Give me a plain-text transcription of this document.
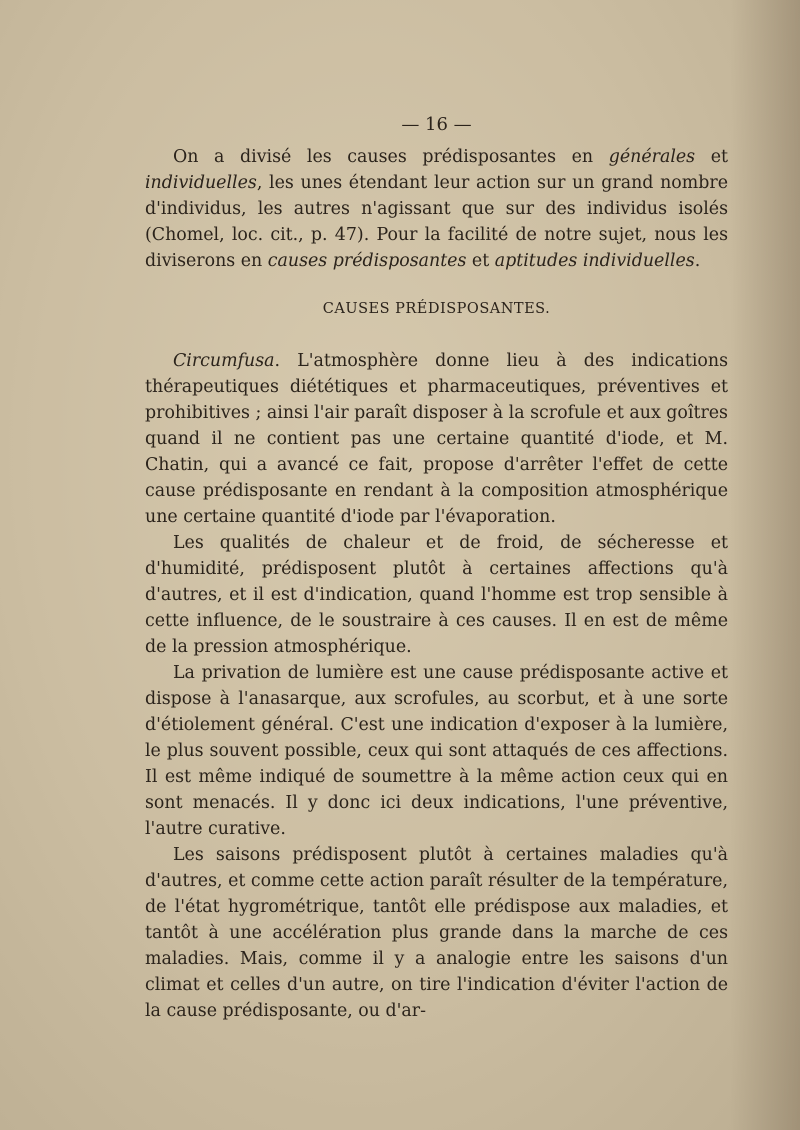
— 16 —

On a divisé les causes prédisposantes en générales et individuelles, les unes étendant leur action sur un grand nombre d'individus, les autres n'agissant que sur des individus isolés (Chomel, loc. cit., p. 47). Pour la facilité de notre sujet, nous les diviserons en causes prédisposantes et aptitudes individuelles.

CAUSES PRÉDISPOSANTES.

Circumfusa. L'atmosphère donne lieu à des indications thérapeutiques diététiques et pharmaceutiques, préventives et prohibitives ; ainsi l'air paraît disposer à la scrofule et aux goîtres quand il ne contient pas une certaine quantité d'iode, et M. Chatin, qui a avancé ce fait, propose d'arrêter l'effet de cette cause prédisposante en rendant à la composition atmosphérique une certaine quantité d'iode par l'évaporation.

Les qualités de chaleur et de froid, de sécheresse et d'humidité, prédisposent plutôt à certaines affections qu'à d'autres, et il est d'indication, quand l'homme est trop sensible à cette influence, de le soustraire à ces causes. Il en est de même de la pression atmosphérique.

La privation de lumière est une cause prédisposante active et dispose à l'anasarque, aux scrofules, au scorbut, et à une sorte d'étiolement général. C'est une indication d'exposer à la lumière, le plus souvent possible, ceux qui sont attaqués de ces affections. Il est même indiqué de soumettre à la même action ceux qui en sont menacés. Il y donc ici deux indications, l'une préventive, l'autre curative.

Les saisons prédisposent plutôt à certaines maladies qu'à d'autres, et comme cette action paraît résulter de la température, de l'état hygrométrique, tantôt elle prédispose aux maladies, et tantôt à une accélération plus grande dans la marche de ces maladies. Mais, comme il y a analogie entre les saisons d'un climat et celles d'un autre, on tire l'indication d'éviter l'action de la cause prédisposante, ou d'ar-
